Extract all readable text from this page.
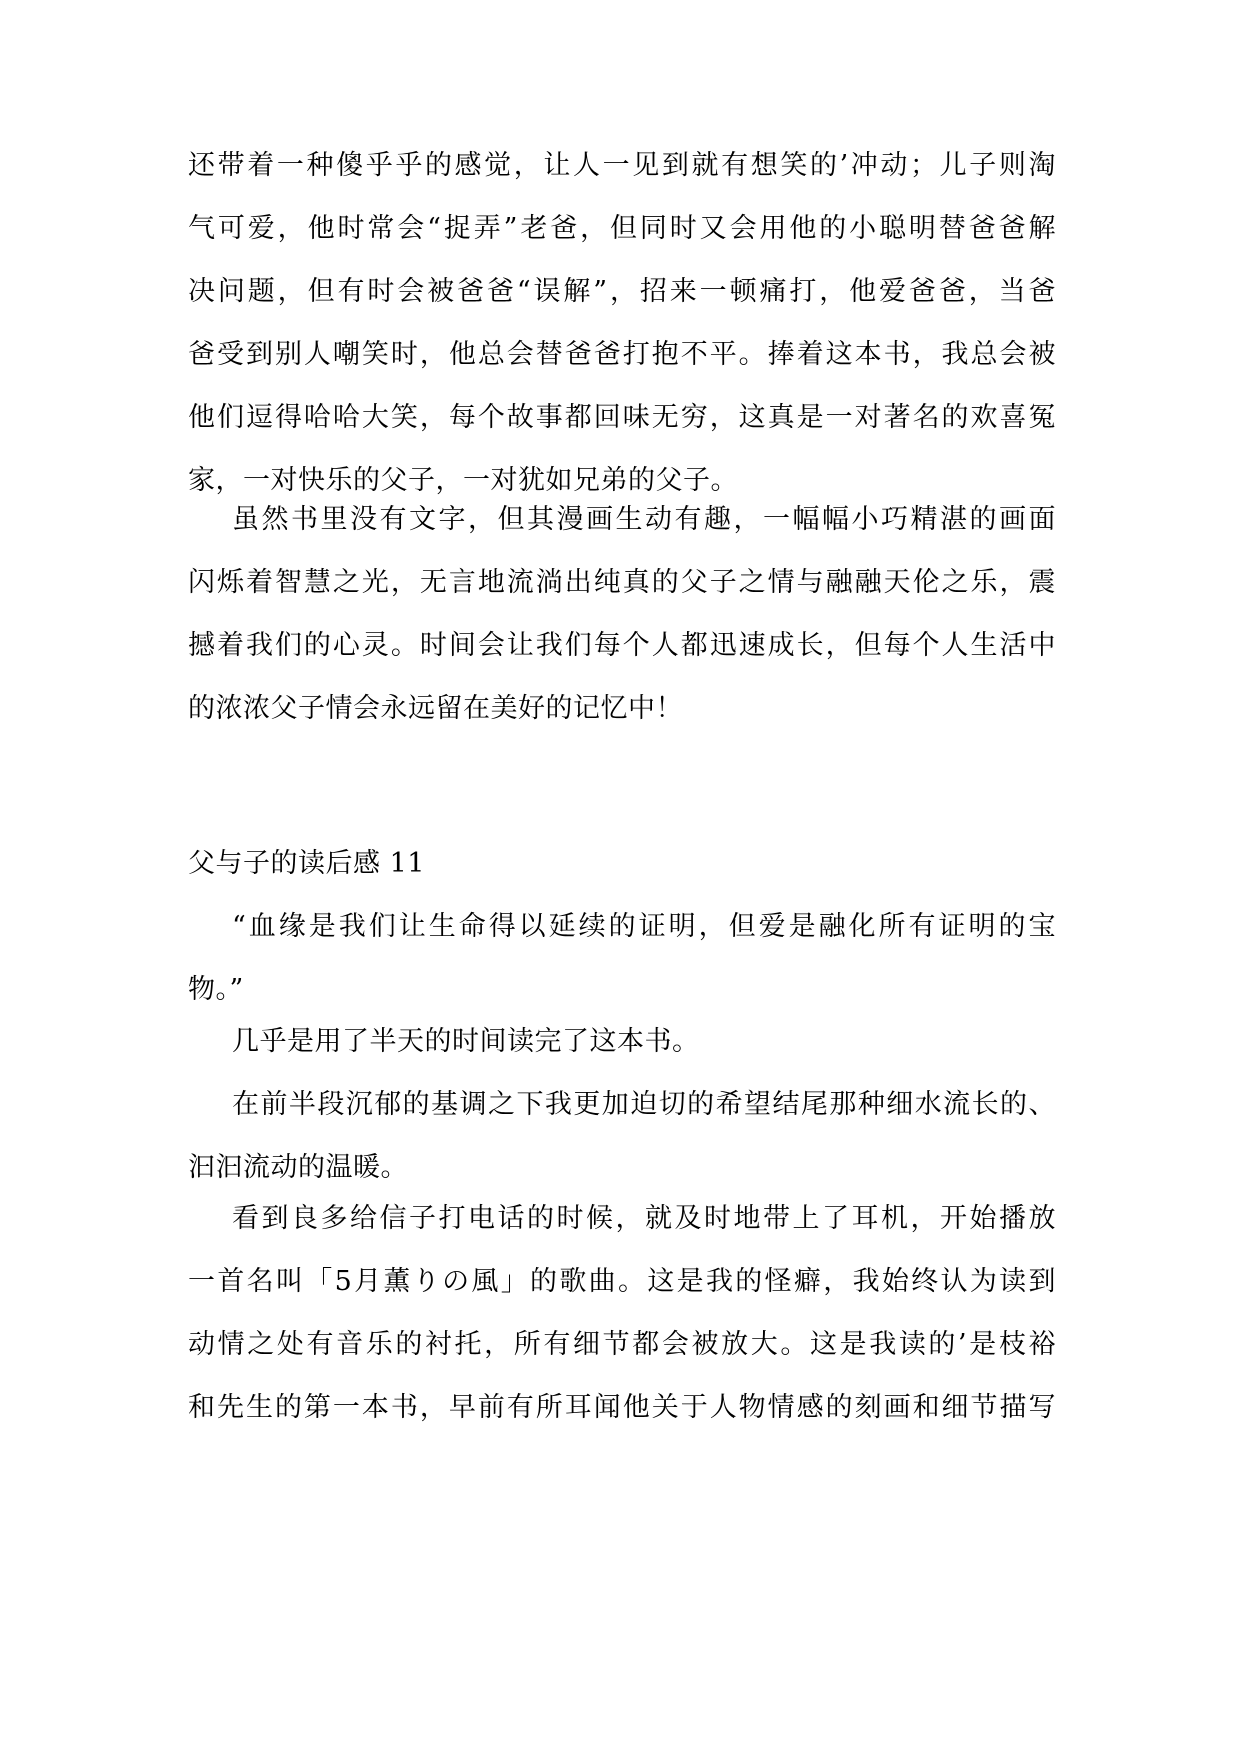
还带着一种傻乎乎的感觉，让人一见到就有想笑的’冲动；儿子则淘
气可爱，他时常会“捉弄”老爸，但同时又会用他的小聪明替爸爸解
决问题，但有时会被爸爸“误解”，招来一顿痛打，他爱爸爸，当爸
爸受到别人嘲笑时，他总会替爸爸打抱不平。捧着这本书，我总会被
他们逗得哈哈大笑，每个故事都回味无穷，这真是一对著名的欢喜冤
家，一对快乐的父子，一对犹如兄弟的父子。
虽然书里没有文字，但其漫画生动有趣，一幅幅小巧精湛的画面
闪烁着智慧之光，无言地流淌出纯真的父子之情与融融天伦之乐，震
撼着我们的心灵。时间会让我们每个人都迅速成长，但每个人生活中
的浓浓父子情会永远留在美好的记忆中！
父与子的读后感 11
“血缘是我们让生命得以延续的证明，但爱是融化所有证明的宝
物。”
几乎是用了半天的时间读完了这本书。
在前半段沉郁的基调之下我更加迫切的希望结尾那种细水流长的、
汩汩流动的温暖。
看到良多给信子打电话的时候，就及时地带上了耳机，开始播放
一首名叫「5月薫りの風」的歌曲。这是我的怪癖，我始终认为读到
动情之处有音乐的衬托，所有细节都会被放大。这是我读的’是枝裕
和先生的第一本书，早前有所耳闻他关于人物情感的刻画和细节描写
